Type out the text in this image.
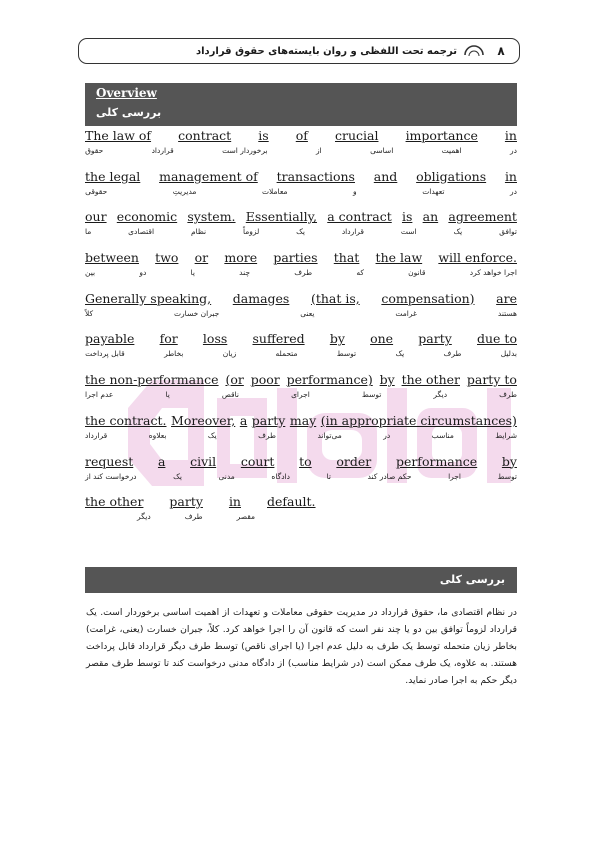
٨
ترجمه تحت اللفظی و روان بایسته‌های حقوق قرارداد
Overview
بررسی کلی
The law of contract is of crucial importance in
در
اهمیت
اساسی
از
برخوردار است
قرارداد
حقوق
the legal management of transactions and obligations in
در
تعهدات
و
معاملات
مدیریتِ
حقوقی
our economic system. Essentially, a contract is an agreement
توافق
یک
است
قرارداد
یک
لزوماً
نظام
اقتصادی
ما
between two or more parties that the law will enforce.
اجرا خواهد کرد
قانون
که
طرف
چند
یا
دو
بین
Generally speaking, damages (that is, compensation) are
هستند
غرامت
یعنی
جبران خسارت
کلاً
payable for loss suffered by one party due to
بدلیل
طرف
یک
توسط
متحمله
زیان
بخاطر
قابل پرداخت
the non-performance (or poor performance) by the other party to
طرف
دیگر
توسط
اجرای
ناقص
یا
عدم اجرا
the contract. Moreover, a party may (in appropriate circumstances)
شرایط
مناسب
در
می‌تواند
طرف
یک
بعلاوه
قرارداد
request a civil court to order performance by
توسط
اجرا
حکم صادر کند
تا
دادگاه
مدنی
یک
درخواست کند از
the other party in default.
مقصر
طرف
دیگر
بررسی کلی
در نظام اقتصادی ما، حقوق قرارداد در مدیریت حقوقی معاملات و تعهدات از اهمیت اساسی برخوردار است. یک قرارداد لزوماً توافق بین دو یا چند نفر است که قانون آن را اجرا خواهد کرد. کلاً، جبران خسارت (یعنی، غرامت) بخاطر زیان متحمله توسط یک طرف به دلیل عدم اجرا (یا اجرای ناقص) توسط طرف دیگر قرارداد قابل پرداخت هستند. به علاوه، یک طرف ممکن است (در شرایط مناسب) از دادگاه مدنی درخواست کند تا توسط طرف مقصر دیگر حکم به اجرا صادر نماید.
